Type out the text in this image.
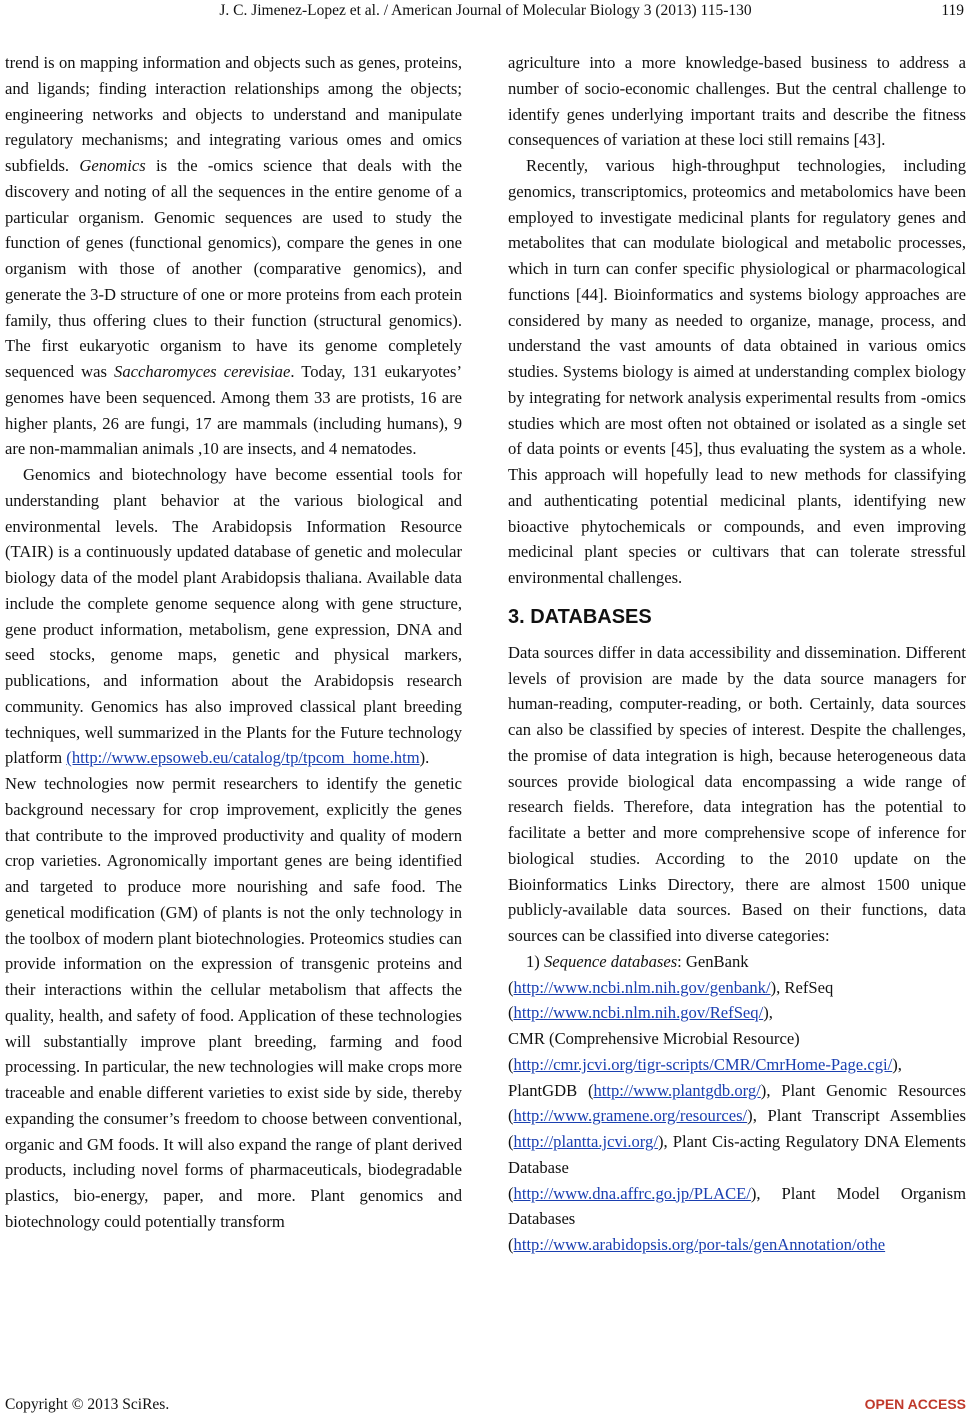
J. C. Jimenez-Lopez et al. / American Journal of Molecular Biology 3 (2013) 115-130	119

trend is on mapping information and objects such as genes, proteins, and ligands; finding interaction relationships among the objects; engineering networks and objects to understand and manipulate regulatory mechanisms; and integrating various omes and omics subfields. Genomics is the -omics science that deals with the discovery and noting of all the sequences in the entire genome of a particular organism. Genomic sequences are used to study the function of genes (functional genomics), compare the genes in one organism with those of another (comparative genomics), and generate the 3-D structure of one or more proteins from each protein family, thus offering clues to their function (structural genomics). The first eukaryotic organism to have its genome completely sequenced was Saccharomyces cerevisiae. Today, 131 eukaryotes’ genomes have been sequenced. Among them 33 are protists, 16 are higher plants, 26 are fungi, 17 are mammals (including humans), 9 are non-mammalian animals ,10 are insects, and 4 nematodes.

Genomics and biotechnology have become essential tools for understanding plant behavior at the various biological and environmental levels. The Arabidopsis Information Resource (TAIR) is a continuously updated database of genetic and molecular biology data of the model plant Arabidopsis thaliana. Available data include the complete genome sequence along with gene structure, gene product information, metabolism, gene expression, DNA and seed stocks, genome maps, genetic and physical markers, publications, and information about the Arabidopsis research community. Genomics has also improved classical plant breeding techniques, well summarized in the Plants for the Future technology platform (http://www.epsoweb.eu/catalog/tp/tpcom_home.htm).

New technologies now permit researchers to identify the genetic background necessary for crop improvement, explicitly the genes that contribute to the improved productivity and quality of modern crop varieties. Agronomically important genes are being identified and targeted to produce more nourishing and safe food. The genetical modification (GM) of plants is not the only technology in the toolbox of modern plant biotechnologies. Proteomics studies can provide information on the expression of transgenic proteins and their interactions within the cellular metabolism that affects the quality, health, and safety of food. Application of these technologies will substantially improve plant breeding, farming and food processing. In particular, the new technologies will make crops more traceable and enable different varieties to exist side by side, thereby expanding the consumer’s freedom to choose between conventional, organic and GM foods. It will also expand the range of plant derived products, including novel forms of pharmaceuticals, biodegradable plastics, bio-energy, paper, and more. Plant genomics and biotechnology could potentially transform

agriculture into a more knowledge-based business to address a number of socio-economic challenges. But the central challenge to identify genes underlying important traits and describe the fitness consequences of variation at these loci still remains [43].

Recently, various high-throughput technologies, including genomics, transcriptomics, proteomics and metabolomics have been employed to investigate medicinal plants for regulatory genes and metabolites that can modulate biological and metabolic processes, which in turn can confer specific physiological or pharmacological functions [44]. Bioinformatics and systems biology approaches are considered by many as needed to organize, manage, process, and understand the vast amounts of data obtained in various omics studies. Systems biology is aimed at understanding complex biology by integrating for network analysis experimental results from -omics studies which are most often not obtained or isolated as a single set of data points or events [45], thus evaluating the system as a whole. This approach will hopefully lead to new methods for classifying and authenticating potential medicinal plants, identifying new bioactive phytochemicals or compounds, and even improving medicinal plant species or cultivars that can tolerate stressful environmental challenges.

3. DATABASES

Data sources differ in data accessibility and dissemination. Different levels of provision are made by the data source managers for human-reading, computer-reading, or both. Certainly, data sources can also be classified by species of interest. Despite the challenges, the promise of data integration is high, because heterogeneous data sources provide biological data encompassing a wide range of research fields. Therefore, data integration has the potential to facilitate a better and more comprehensive scope of inference for biological studies. According to the 2010 update on the Bioinformatics Links Directory, there are almost 1500 unique publicly-available data sources. Based on their functions, data sources can be classified into diverse categories:

1) Sequence databases: GenBank

(http://www.ncbi.nlm.nih.gov/genbank/), RefSeq

(http://www.ncbi.nlm.nih.gov/RefSeq/),

CMR (Comprehensive Microbial Resource)

(http://cmr.jcvi.org/tigr-scripts/CMR/CmrHome-Page.cgi/), PlantGDB (http://www.plantgdb.org/), Plant Genomic Resources (http://www.gramene.org/resources/), Plant Transcript Assemblies (http://plantta.jcvi.org/), Plant Cis-acting Regulatory DNA Elements Database

(http://www.dna.affrc.go.jp/PLACE/), Plant Model Organism Databases

(http://www.arabidopsis.org/por-tals/genAnnotation/othe

Copyright © 2013 SciRes.	OPEN ACCESS
